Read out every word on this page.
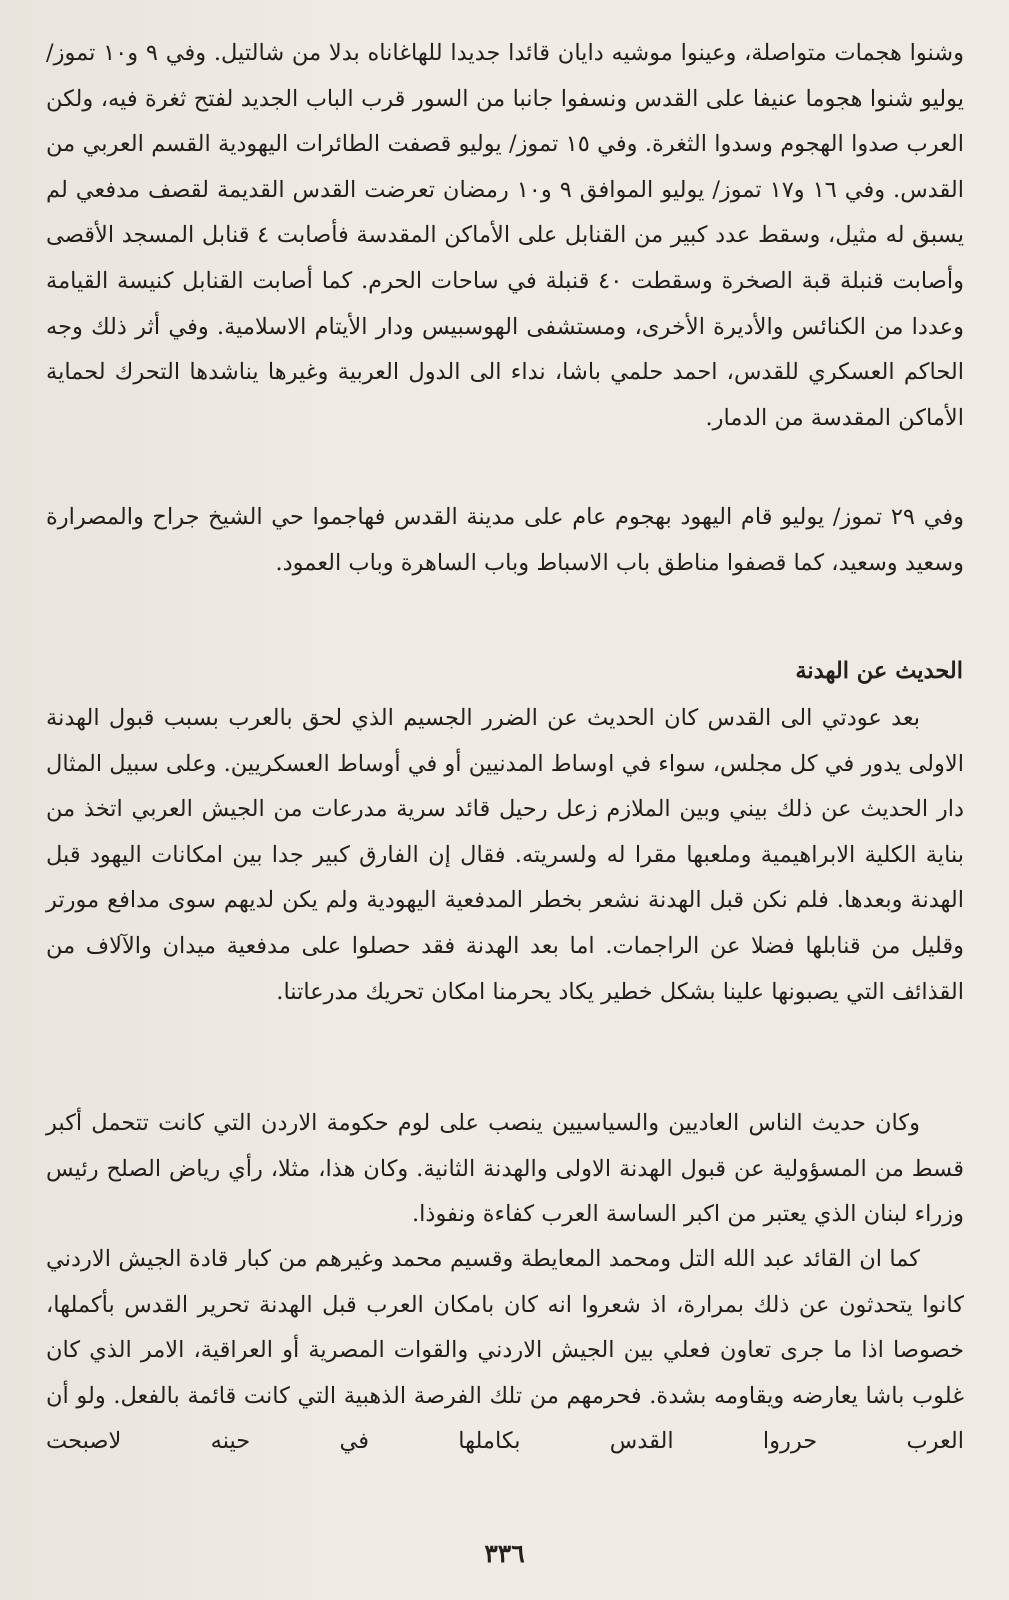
وشنوا هجمات متواصلة، وعينوا موشيه دايان قائدا جديدا للهاغاناه بدلا من شالتيل. وفي ٩ و١٠ تموز/ يوليو شنوا هجوما عنيفا على القدس ونسفوا جانبا من السور قرب الباب الجديد لفتح ثغرة فيه، ولكن العرب صدوا الهجوم وسدوا الثغرة. وفي ١٥ تموز/ يوليو قصفت الطائرات اليهودية القسم العربي من القدس. وفي ١٦ و١٧ تموز/ يوليو الموافق ٩ و١٠ رمضان تعرضت القدس القديمة لقصف مدفعي لم يسبق له مثيل، وسقط عدد كبير من القنابل على الأماكن المقدسة فأصابت ٤ قنابل المسجد الأقصى وأصابت قنبلة قبة الصخرة وسقطت ٤٠ قنبلة في ساحات الحرم. كما أصابت القنابل كنيسة القيامة وعددا من الكنائس والأديرة الأخرى، ومستشفى الهوسبيس ودار الأيتام الاسلامية. وفي أثر ذلك وجه الحاكم العسكري للقدس، احمد حلمي باشا، نداء الى الدول العربية وغيرها يناشدها التحرك لحماية الأماكن المقدسة من الدمار.

وفي ٢٩ تموز/ يوليو قام اليهود بهجوم عام على مدينة القدس فهاجموا حي الشيخ جراح والمصرارة وسعيد وسعيد، كما قصفوا مناطق باب الاسباط وباب الساهرة وباب العمود.

الحديث عن الهدنة

بعد عودتي الى القدس كان الحديث عن الضرر الجسيم الذي لحق بالعرب بسبب قبول الهدنة الاولى يدور في كل مجلس، سواء في اوساط المدنيين أو في أوساط العسكريين. وعلى سبيل المثال دار الحديث عن ذلك بيني وبين الملازم زعل رحيل قائد سرية مدرعات من الجيش العربي اتخذ من بناية الكلية الابراهيمية وملعبها مقرا له ولسريته. فقال إن الفارق كبير جدا بين امكانات اليهود قبل الهدنة وبعدها. فلم نكن قبل الهدنة نشعر بخطر المدفعية اليهودية ولم يكن لديهم سوى مدافع مورتر وقليل من قنابلها فضلا عن الراجمات. اما بعد الهدنة فقد حصلوا على مدفعية ميدان والآلاف من القذائف التي يصبونها علينا بشكل خطير يكاد يحرمنا امكان تحريك مدرعاتنا.

وكان حديث الناس العاديين والسياسيين ينصب على لوم حكومة الاردن التي كانت تتحمل أكبر قسط من المسؤولية عن قبول الهدنة الاولى والهدنة الثانية. وكان هذا، مثلا، رأي رياض الصلح رئيس وزراء لبنان الذي يعتبر من اكبر الساسة العرب كفاءة ونفوذا.

كما ان القائد عبد الله التل ومحمد المعايطة وقسيم محمد وغيرهم من كبار قادة الجيش الاردني كانوا يتحدثون عن ذلك بمرارة، اذ شعروا انه كان بامكان العرب قبل الهدنة تحرير القدس بأكملها، خصوصا اذا ما جرى تعاون فعلي بين الجيش الاردني والقوات المصرية أو العراقية، الامر الذي كان غلوب باشا يعارضه ويقاومه بشدة. فحرمهم من تلك الفرصة الذهبية التي كانت قائمة بالفعل. ولو أن العرب حرروا القدس بكاملها في حينه لاصبحت

٣٣٦
